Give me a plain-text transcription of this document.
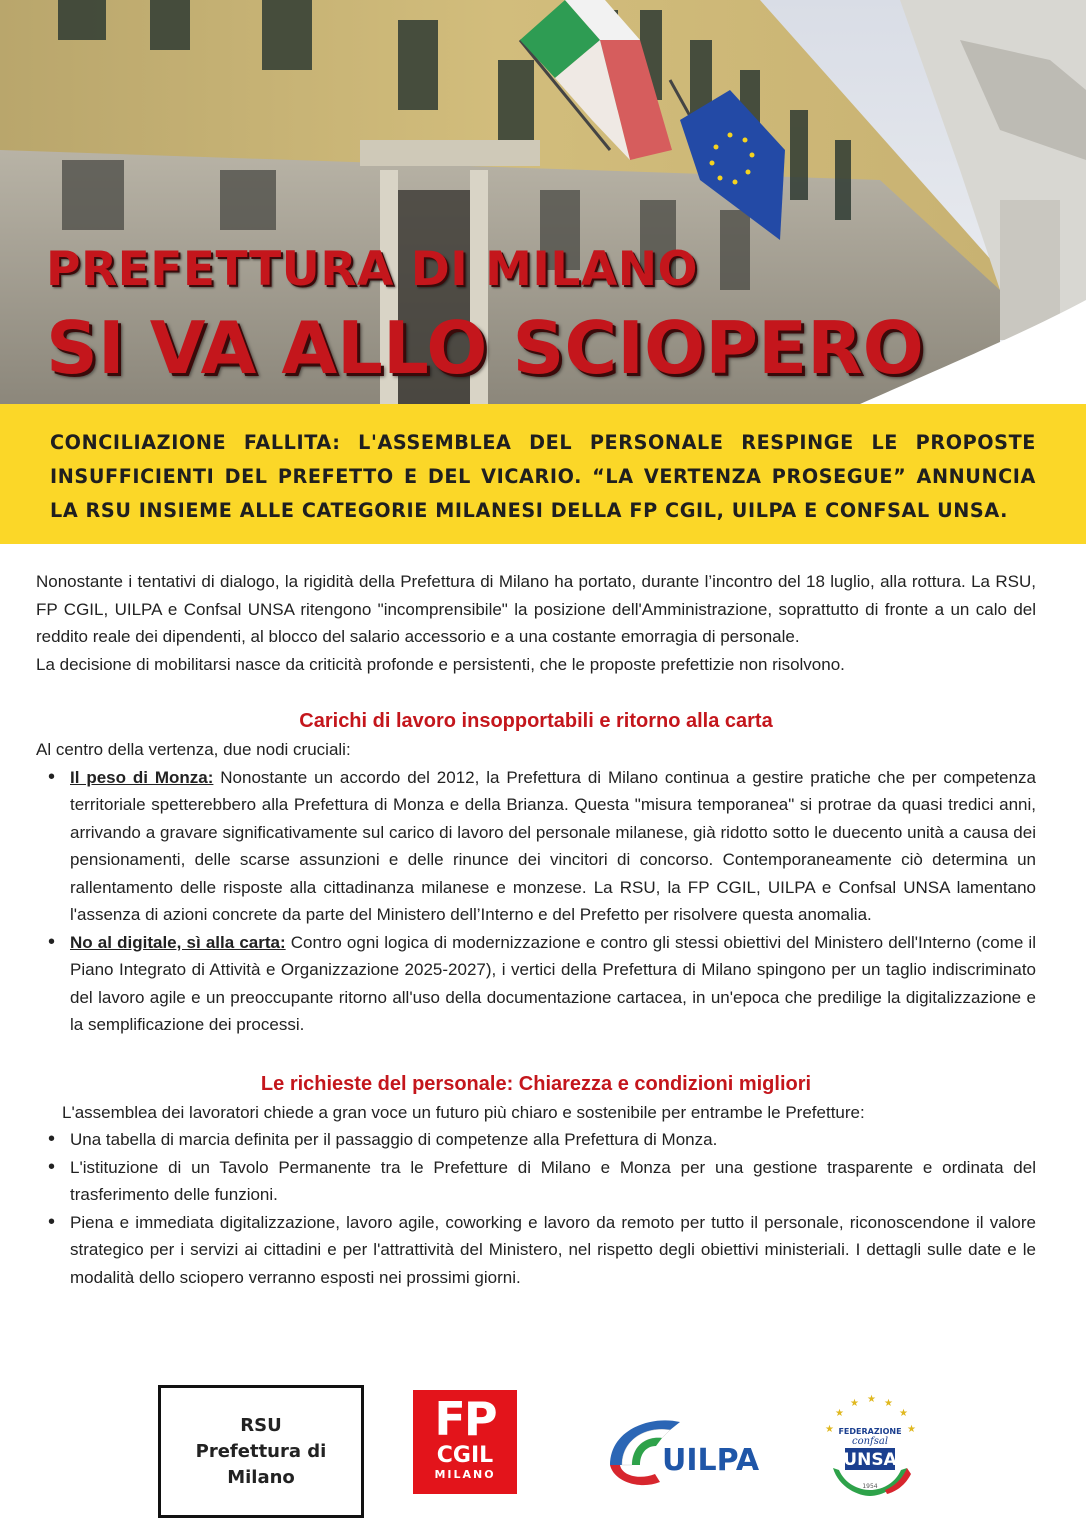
PREFETTURA DI MILANO
SI VA ALLO SCIOPERO

CONCILIAZIONE FALLITA: L'ASSEMBLEA DEL PERSONALE RESPINGE LE PROPOSTE INSUFFICIENTI DEL PREFETTO E DEL VICARIO. “LA VERTENZA PROSEGUE” ANNUNCIA LA RSU INSIEME ALLE CATEGORIE MILANESI DELLA FP CGIL, UILPA E CONFSAL UNSA.

Nonostante i tentativi di dialogo, la rigidità della Prefettura di Milano ha portato, durante l’incontro del 18 luglio, alla rottura. La RSU, FP CGIL, UILPA e Confsal UNSA ritengono "incomprensibile" la posizione dell'Amministrazione, soprattutto di fronte a un calo del reddito reale dei dipendenti, al blocco del salario accessorio e a una costante emorragia di personale.

La decisione di mobilitarsi nasce da criticità profonde e persistenti, che le proposte prefettizie non risolvono.

Carichi di lavoro insopportabili e ritorno alla carta

Al centro della vertenza, due nodi cruciali:

• Il peso di Monza: Nonostante un accordo del 2012, la Prefettura di Milano continua a gestire pratiche che per competenza territoriale spetterebbero alla Prefettura di Monza e della Brianza. Questa "misura temporanea" si protrae da quasi tredici anni, arrivando a gravare significativamente sul carico di lavoro del personale milanese, già ridotto sotto le duecento unità a causa dei pensionamenti, delle scarse assunzioni e delle rinunce dei vincitori di concorso. Contemporaneamente ciò determina un rallentamento delle risposte alla cittadinanza milanese e monzese. La RSU, la FP CGIL, UILPA e Confsal UNSA lamentano l'assenza di azioni concrete da parte del Ministero dell’Interno e del Prefetto per risolvere questa anomalia.
• No al digitale, sì alla carta: Contro ogni logica di modernizzazione e contro gli stessi obiettivi del Ministero dell'Interno (come il Piano Integrato di Attività e Organizzazione 2025-2027), i vertici della Prefettura di Milano spingono per un taglio indiscriminato del lavoro agile e un preoccupante ritorno all'uso della documentazione cartacea, in un'epoca che predilige la digitalizzazione e la semplificazione dei processi.
Le richieste del personale: Chiarezza e condizioni migliori

L'assemblea dei lavoratori chiede a gran voce un futuro più chiaro e sostenibile per entrambe le Prefetture:

• Una tabella di marcia definita per il passaggio di competenze alla Prefettura di Monza.
• L'istituzione di un Tavolo Permanente tra le Prefetture di Milano e Monza per una gestione trasparente e ordinata del trasferimento delle funzioni.
• Piena e immediata digitalizzazione, lavoro agile, coworking e lavoro da remoto per tutto il personale, riconoscendone il valore strategico per i servizi ai cittadini e per l'attrattività del Ministero, nel rispetto degli obiettivi ministeriali. I dettagli sulle date e le modalità dello sciopero verranno esposti nei prossimi giorni.
RSU
Prefettura di
Milano
FP
CGIL
MILANO	UILPA
★
★ ★ ★
★
★	★
FEDERAZIONE
confsal
UNSA
1954
